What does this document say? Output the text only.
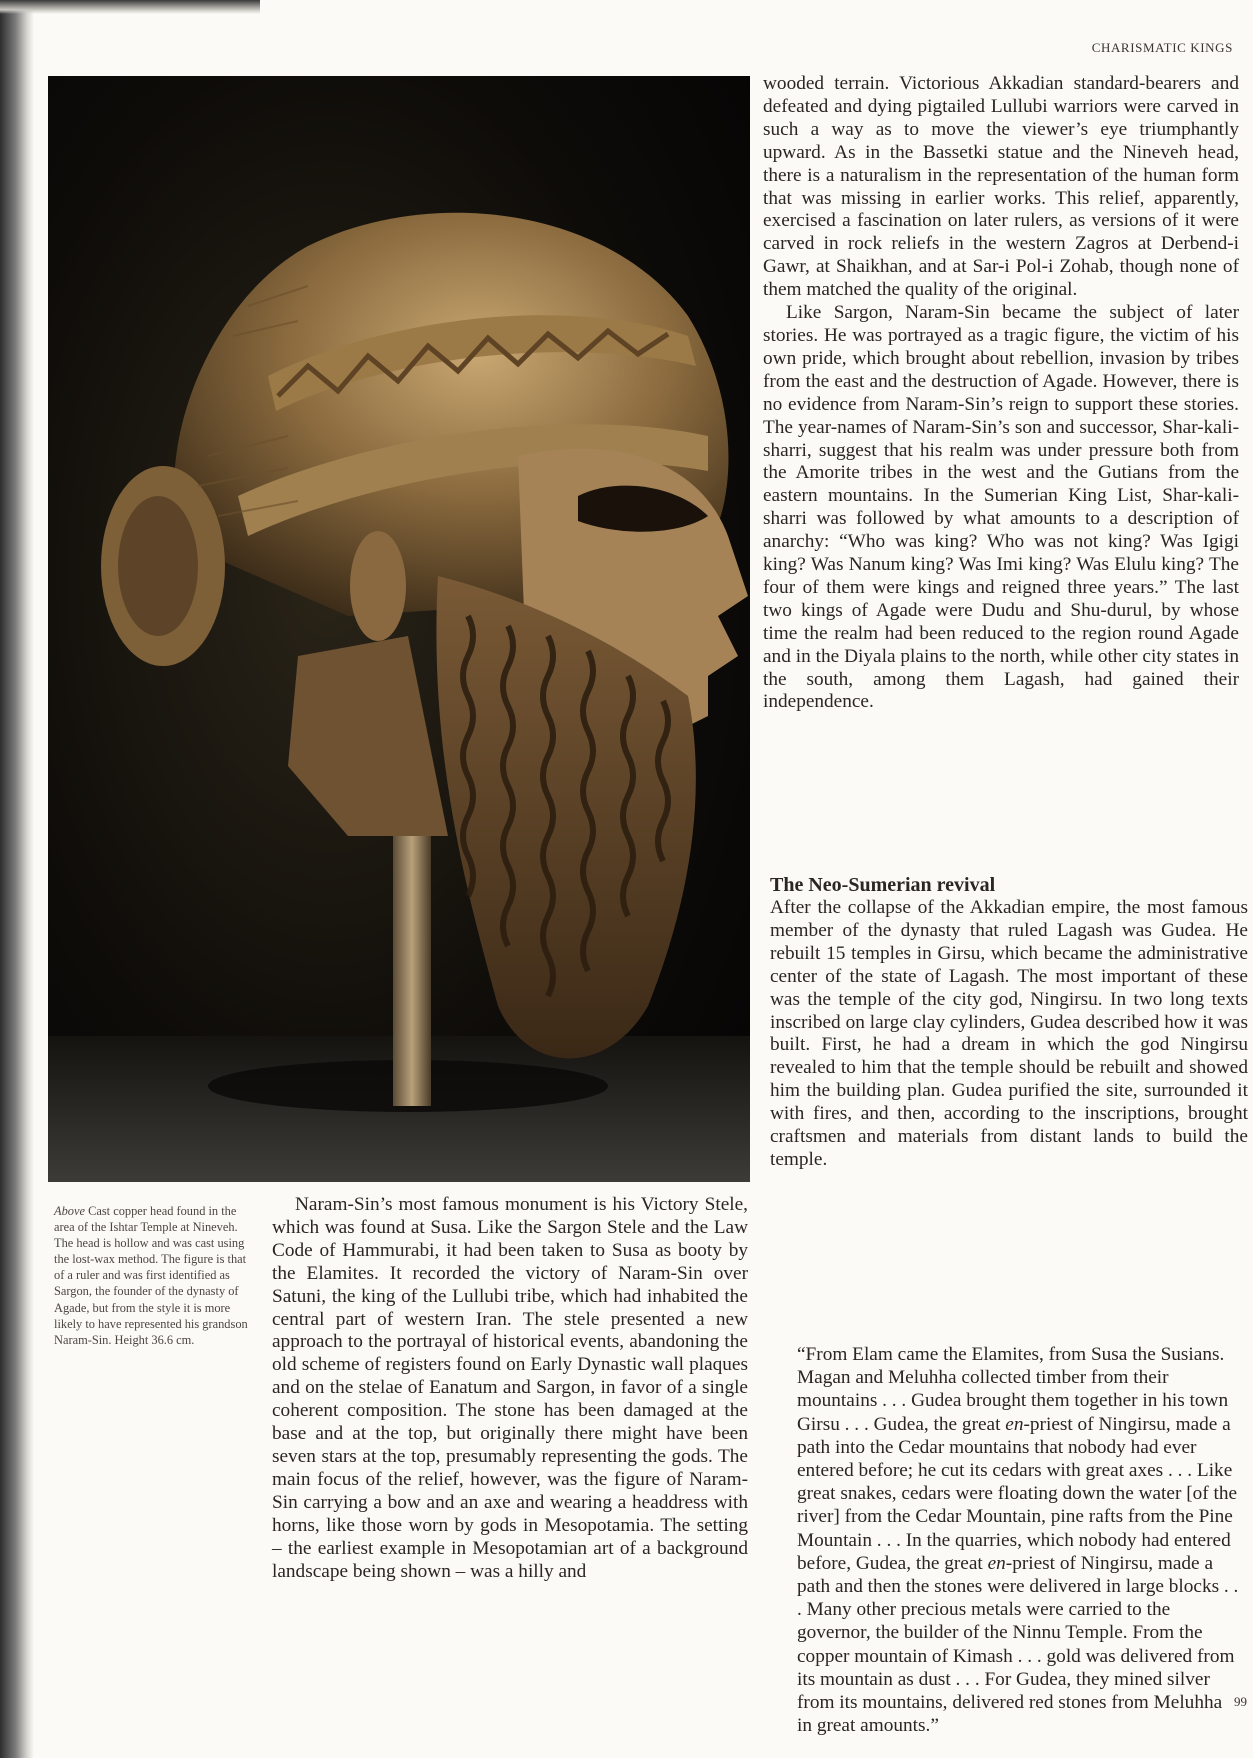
CHARISMATIC KINGS
Above Cast copper head found in the area of the Ishtar Temple at Nineveh. The head is hollow and was cast using the lost-wax method. The figure is that of a ruler and was first identified as Sargon, the founder of the dynasty of Agade, but from the style it is more likely to have represented his grandson Naram-Sin. Height 36.6 cm.

Naram-Sin’s most famous monument is his Victory Stele, which was found at Susa. Like the Sargon Stele and the Law Code of Hammurabi, it had been taken to Susa as booty by the Elamites. It recorded the victory of Naram-Sin over Satuni, the king of the Lullubi tribe, which had inhabited the central part of western Iran. The stele presented a new approach to the portrayal of historical events, abandoning the old scheme of registers found on Early Dynastic wall plaques and on the stelae of Eanatum and Sargon, in favor of a single coherent composition. The stone has been damaged at the base and at the top, but originally there might have been seven stars at the top, presumably representing the gods. The main focus of the relief, however, was the figure of Naram-Sin carrying a bow and an axe and wearing a headdress with horns, like those worn by gods in Mesopotamia. The setting – the earliest example in Mesopotamian art of a background landscape being shown – was a hilly and

wooded terrain. Victorious Akkadian standard-bearers and defeated and dying pigtailed Lullubi warriors were carved in such a way as to move the viewer’s eye triumphantly upward. As in the Bassetki statue and the Nineveh head, there is a naturalism in the representation of the human form that was missing in earlier works. This relief, apparently, exercised a fascination on later rulers, as versions of it were carved in rock reliefs in the western Zagros at Derbend-i Gawr, at Shaikhan, and at Sar-i Pol-i Zohab, though none of them matched the quality of the original.

Like Sargon, Naram-Sin became the subject of later stories. He was portrayed as a tragic figure, the victim of his own pride, which brought about rebellion, invasion by tribes from the east and the destruction of Agade. However, there is no evidence from Naram-Sin’s reign to support these stories. The year-names of Naram-Sin’s son and successor, Shar-kali-sharri, suggest that his realm was under pressure both from the Amorite tribes in the west and the Gutians from the eastern mountains. In the Sumerian King List, Shar-kali-sharri was followed by what amounts to a description of anarchy: “Who was king? Who was not king? Was Igigi king? Was Nanum king? Was Imi king? Was Elulu king? The four of them were kings and reigned three years.” The last two kings of Agade were Dudu and Shu-durul, by whose time the realm had been reduced to the region round Agade and in the Diyala plains to the north, while other city states in the south, among them Lagash, had gained their independence.

The Neo-Sumerian revival

After the collapse of the Akkadian empire, the most famous member of the dynasty that ruled Lagash was Gudea. He rebuilt 15 temples in Girsu, which became the administrative center of the state of Lagash. The most important of these was the temple of the city god, Ningirsu. In two long texts inscribed on large clay cylinders, Gudea described how it was built. First, he had a dream in which the god Ningirsu revealed to him that the temple should be rebuilt and showed him the building plan. Gudea purified the site, surrounded it with fires, and then, according to the inscriptions, brought craftsmen and materials from distant lands to build the temple.

“From Elam came the Elamites, from Susa the Susians. Magan and Meluhha collected timber from their mountains . . . Gudea brought them together in his town Girsu . . . Gudea, the great en-priest of Ningirsu, made a path into the Cedar mountains that nobody had ever entered before; he cut its cedars with great axes . . . Like great snakes, cedars were floating down the water [of the river] from the Cedar Mountain, pine rafts from the Pine Mountain . . . In the quarries, which nobody had entered before, Gudea, the great en-priest of Ningirsu, made a path and then the stones were delivered in large blocks . . . Many other precious metals were carried to the governor, the builder of the Ninnu Temple. From the copper mountain of Kimash . . . gold was delivered from its mountain as dust . . . For Gudea, they mined silver from its mountains, delivered red stones from Meluhha in great amounts.”

99
